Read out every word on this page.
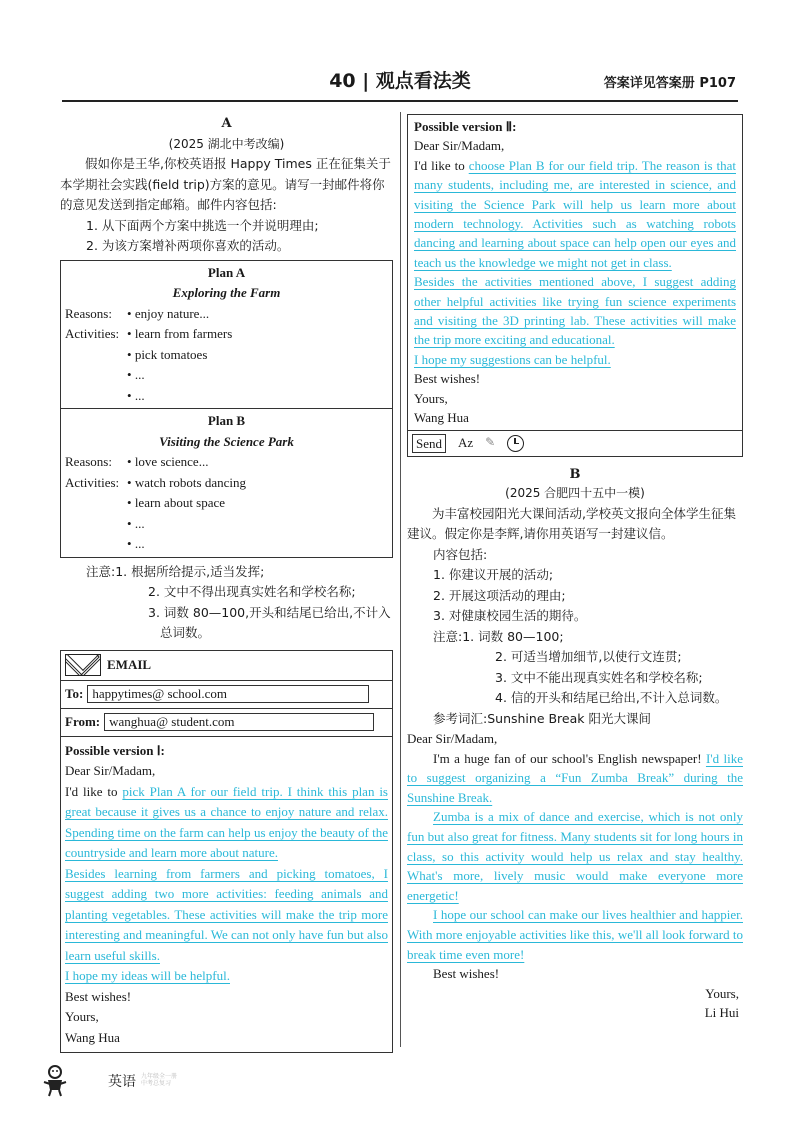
40 | 观点看法类	答案详见答案册 P107
A
(2025 湖北中考改编)

假如你是王华,你校英语报 Happy Times 正在征集关于本学期社会实践(field trip)方案的意见。请写一封邮件将你的意见发送到指定邮箱。邮件内容包括:

1. 从下面两个方案中挑选一个并说明理由;
2. 为该方案增补两项你喜欢的活动。
Plan A
Exploring the Farm
Reasons:	• enjoy nature...
Activities:	• learn from farmers
• pick tomatoes
• ...
• ...
Plan B
Visiting the Science Park
Reasons:	• love science...
Activities:	• watch robots dancing
• learn about space
• ...
• ...
注意:1. 根据所给提示,适当发挥;
2. 文中不得出现真实姓名和学校名称;
3. 词数 80—100,开头和结尾已给出,不计入
总词数。
EMAIL
To: happytimes@ school.com
From: wanghua@ student.com
Possible version Ⅰ:
Dear Sir/Madam,

I'd like to pick Plan A for our field trip. I think this plan is great because it gives us a chance to enjoy nature and relax. Spending time on the farm can help us enjoy the beauty of the countryside and learn more about nature.

Besides learning from farmers and picking tomatoes, I suggest adding two more activities: feeding animals and planting vegetables. These activities will make the trip more interesting and meaningful. We can not only have fun but also learn useful skills.

I hope my ideas will be helpful.

Best wishes!
Yours,
Wang Hua
Possible version Ⅱ:
Dear Sir/Madam,

I'd like to choose Plan B for our field trip. The reason is that many students, including me, are interested in science, and visiting the Science Park will help us learn more about modern technology. Activities such as watching robots dancing and learning about space can help open our eyes and teach us the knowledge we might not get in class.

Besides the activities mentioned above, I suggest adding other helpful activities like trying fun science experiments and visiting the 3D printing lab. These activities will make the trip more exciting and educational.

I hope my suggestions can be helpful.

Best wishes!
Yours,
Wang Hua
Send	Az ✎
B
(2025 合肥四十五中一模)

为丰富校园阳光大课间活动,学校英文报向全体学生征集建议。假定你是李辉,请你用英语写一封建议信。

内容包括:
1. 你建议开展的活动;
2. 开展这项活动的理由;
3. 对健康校园生活的期待。
注意:1. 词数 80—100;
2. 可适当增加细节,以使行文连贯;
3. 文中不能出现真实姓名和学校名称;
4. 信的开头和结尾已给出,不计入总词数。
参考词汇:Sunshine Break 阳光大课间
Dear Sir/Madam,

I'm a huge fan of our school's English newspaper! I'd like to suggest organizing a “Fun Zumba Break” during the Sunshine Break.

Zumba is a mix of dance and exercise, which is not only fun but also great for fitness. Many students sit for long hours in class, so this activity would help us relax and stay healthy. What's more, lively music would make everyone more energetic!

I hope our school can make our lives healthier and happier. With more enjoyable activities like this, we'll all look forward to break time even more!

Best wishes!
Yours,
Li Hui
英语 九年级全一册
中考总复习
